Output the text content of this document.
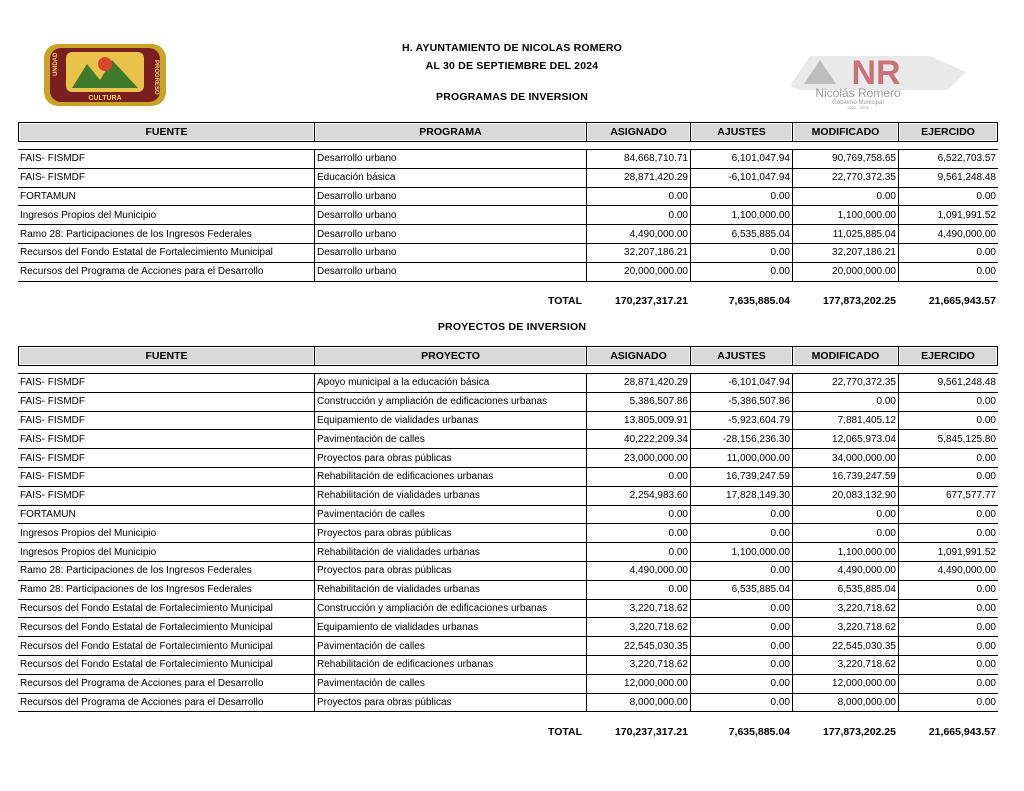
UNIDAD	PROGRESO
CULTURA
H. AYUNTAMIENTO DE NICOLAS ROMERO
AL 30 DE SEPTIEMBRE DEL 2024
PROGRAMAS DE INVERSION
NR
Nicolás Romero
Gobierno Municipal
2022 - 2024
FUENTE	PROGRAMA	ASIGNADO	AJUSTES	MODIFICADO	EJERCIDO

FAIS- FISMDF	Desarrollo urbano	84,668,710.71	6,101,047.94	90,769,758.65	6,522,703.57
FAIS- FISMDF	Educación básica	28,871,420.29	-6,101,047.94	22,770,372.35	9,561,248.48
FORTAMUN	Desarrollo urbano	0.00	0.00	0.00	0.00
Ingresos Propios del Municipio	Desarrollo urbano	0.00	1,100,000.00	1,100,000.00	1,091,991.52
Ramo 28: Participaciones de los Ingresos Federales	Desarrollo urbano	4,490,000.00	6,535,885.04	11,025,885.04	4,490,000.00
Recursos del Fondo Estatal de Fortalecimiento Municipal	Desarrollo urbano	32,207,186.21	0.00	32,207,186.21	0.00
Recursos del Programa de Acciones para el Desarrollo	Desarrollo urbano	20,000,000.00	0.00	20,000,000.00	0.00
TOTAL	170,237,317.21	7,635,885.04	177,873,202.25	21,665,943.57
PROYECTOS DE INVERSION
FUENTE	PROYECTO	ASIGNADO	AJUSTES	MODIFICADO	EJERCIDO

FAIS- FISMDF	Apoyo municipal a la educación básica	28,871,420.29	-6,101,047.94	22,770,372.35	9,561,248.48
FAIS- FISMDF	Construcción y ampliación de edificaciones urbanas	5,386,507.86	-5,386,507.86	0.00	0.00
FAIS- FISMDF	Equipamiento de vialidades urbanas	13,805,009.91	-5,923,604.79	7,881,405.12	0.00
FAIS- FISMDF	Pavimentación de calles	40,222,209.34	-28,156,236.30	12,065,973.04	5,845,125.80
FAIS- FISMDF	Proyectos para obras públicas	23,000,000.00	11,000,000.00	34,000,000.00	0.00
FAIS- FISMDF	Rehabilitación de edificaciones urbanas	0.00	16,739,247.59	16,739,247.59	0.00
FAIS- FISMDF	Rehabilitación de vialidades urbanas	2,254,983.60	17,828,149.30	20,083,132.90	677,577.77
FORTAMUN	Pavimentación de calles	0.00	0.00	0.00	0.00
Ingresos Propios del Municipio	Proyectos para obras públicas	0.00	0.00	0.00	0.00
Ingresos Propios del Municipio	Rehabilitación de vialidades urbanas	0.00	1,100,000.00	1,100,000.00	1,091,991.52
Ramo 28: Participaciones de los Ingresos Federales	Proyectos para obras públicas	4,490,000.00	0.00	4,490,000.00	4,490,000.00
Ramo 28: Participaciones de los Ingresos Federales	Rehabilitación de vialidades urbanas	0.00	6,535,885.04	6,535,885.04	0.00
Recursos del Fondo Estatal de Fortalecimiento Municipal	Construcción y ampliación de edificaciones urbanas	3,220,718.62	0.00	3,220,718.62	0.00
Recursos del Fondo Estatal de Fortalecimiento Municipal	Equipamiento de vialidades urbanas	3,220,718.62	0.00	3,220,718.62	0.00
Recursos del Fondo Estatal de Fortalecimiento Municipal	Pavimentación de calles	22,545,030.35	0.00	22,545,030.35	0.00
Recursos del Fondo Estatal de Fortalecimiento Municipal	Rehabilitación de edificaciones urbanas	3,220,718.62	0.00	3,220,718.62	0.00
Recursos del Programa de Acciones para el Desarrollo	Pavimentación de calles	12,000,000.00	0.00	12,000,000.00	0.00
Recursos del Programa de Acciones para el Desarrollo	Proyectos para obras públicas	8,000,000.00	0.00	8,000,000.00	0.00
TOTAL	170,237,317.21	7,635,885.04	177,873,202.25	21,665,943.57
